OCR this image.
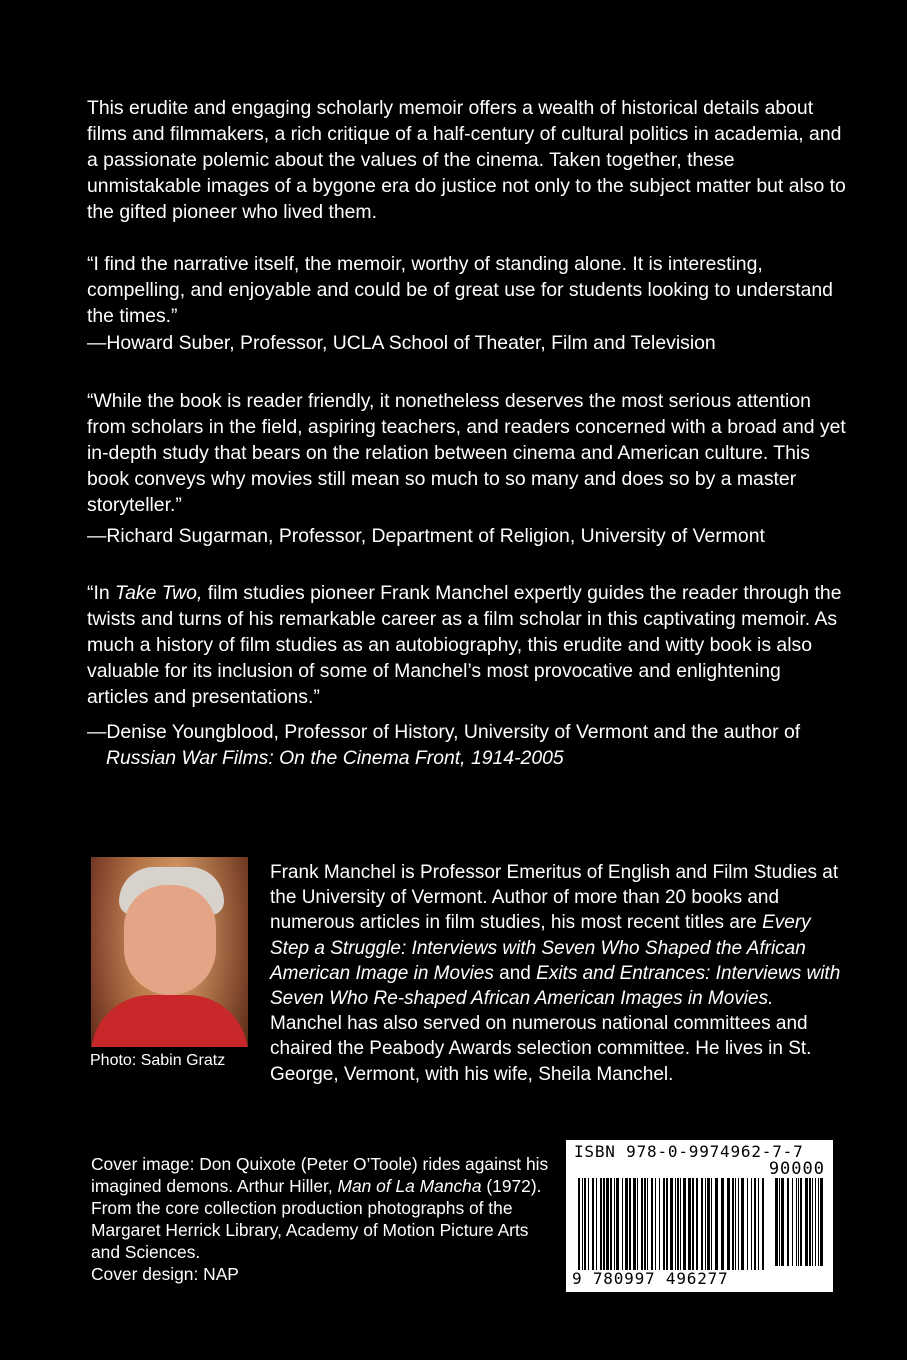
This erudite and engaging scholarly memoir offers a wealth of historical details about films and filmmakers, a rich critique of a half-century of cultural politics in academia, and a passionate polemic about the values of the cinema. Taken together, these unmistakable images of a bygone era do justice not only to the subject matter but also to the gifted pioneer who lived them.

“I find the narrative itself, the memoir, worthy of standing alone. It is interesting, compelling, and enjoyable and could be of great use for students looking to understand the times.”

—Howard Suber, Professor, UCLA School of Theater, Film and Television

“While the book is reader friendly, it nonetheless deserves the most serious attention from scholars in the field, aspiring teachers, and readers concerned with a broad and yet in-depth study that bears on the relation between cinema and American culture. This book conveys why movies still mean so much to so many and does so by a master storyteller.”

—Richard Sugarman, Professor, Department of Religion, University of Vermont

“In Take Two, film studies pioneer Frank Manchel expertly guides the reader through the twists and turns of his remarkable career as a film scholar in this captivating memoir. As much a history of film studies as an autobiography, this erudite and witty book is also valuable for its inclusion of some of Manchel’s most provocative and enlightening articles and presentations.”

—Denise Youngblood, Professor of History, University of Vermont and the author of Russian War Films: On the Cinema Front, 1914-2005

Photo: Sabin Gratz

Frank Manchel is Professor Emeritus of English and Film Studies at the University of Vermont. Author of more than 20 books and numerous articles in film studies, his most recent titles are Every Step a Struggle: Interviews with Seven Who Shaped the African American Image in Movies and Exits and Entrances: Interviews with Seven Who Re-shaped African American Images in Movies. Manchel has also served on numerous national committees and chaired the Peabody Awards selection committee. He lives in St. George, Vermont, with his wife, Sheila Manchel.

Cover image: Don Quixote (Peter O’Toole) rides against his imagined demons. Arthur Hiller, Man of La Mancha (1972). From the core collection production photographs of the Margaret Herrick Library, Academy of Motion Picture Arts and Sciences.
Cover design: NAP

ISBN 978-0-9974962-7-7
90000
9 780997 496277
